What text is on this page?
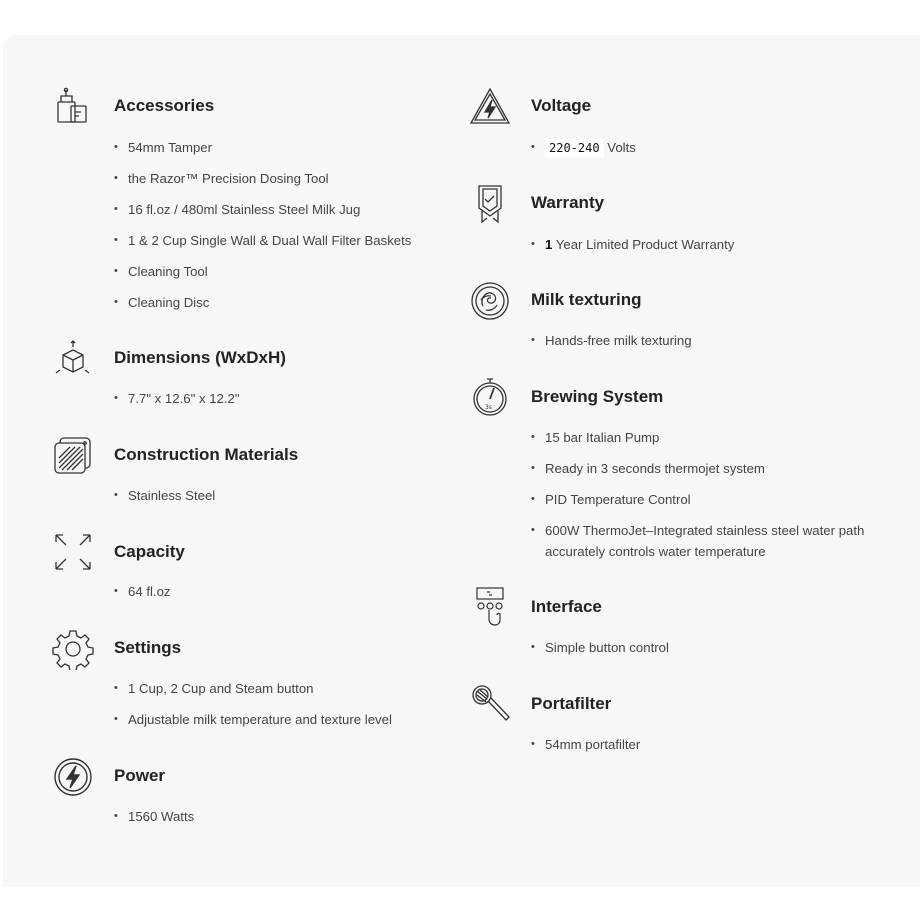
Accessories
• 54mm Tamper
• the Razor™ Precision Dosing Tool
• 16 fl.oz / 480ml Stainless Steel Milk Jug
• 1 & 2 Cup Single Wall & Dual Wall Filter Baskets
• Cleaning Tool
• Cleaning Disc
Dimensions (WxDxH)
• 7.7" x 12.6" x 12.2"
Construction Materials
• Stainless Steel
Capacity
• 64 fl.oz
Settings
• 1 Cup, 2 Cup and Steam button
• Adjustable milk temperature and texture level
Power
• 1560 Watts
Voltage
• 220-240 Volts
Warranty
• 1 Year Limited Product Warranty
Milk texturing
• Hands-free milk texturing
3s
Brewing System
• 15 bar Italian Pump
• Ready in 3 seconds thermojet system
• PID Temperature Control
• 600W ThermoJet–Integrated stainless steel water path accurately controls water temperature
Interface
• Simple button control
Portafilter
• 54mm portafilter
